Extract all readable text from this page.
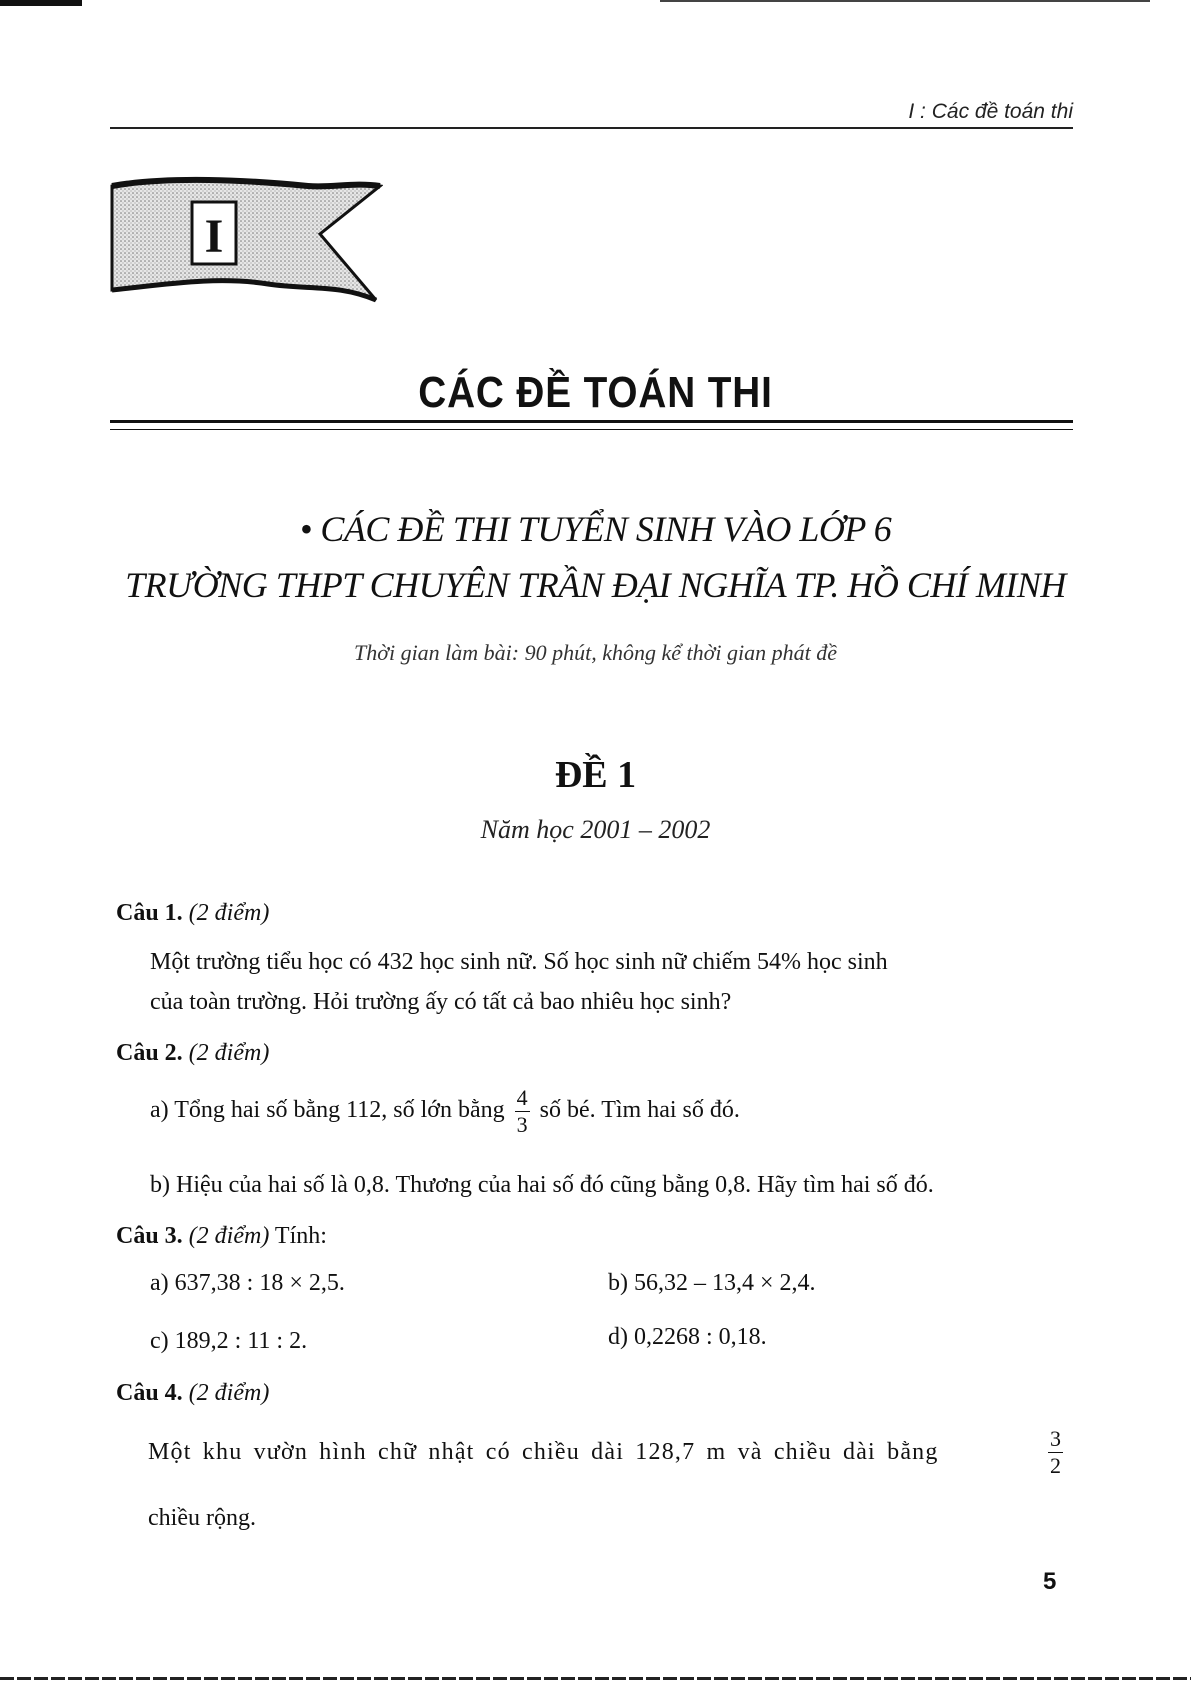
I : Các đề toán thi
I
CÁC ĐỀ TOÁN THI
• CÁC ĐỀ THI TUYỂN SINH VÀO LỚP 6
TRƯỜNG THPT CHUYÊN TRẦN ĐẠI NGHĨA TP. HỒ CHÍ MINH
Thời gian làm bài: 90 phút, không kể thời gian phát đề
ĐỀ 1
Năm học 2001 – 2002
Câu 1. (2 điểm)
Một trường tiểu học có 432 học sinh nữ. Số học sinh nữ chiếm 54% học sinh
của toàn trường. Hỏi trường ấy có tất cả bao nhiêu học sinh?
Câu 2. (2 điểm)
a) Tổng hai số bằng 112, số lớn bằng $\frac{4}{3}$ số bé. Tìm hai số đó.
b) Hiệu của hai số là 0,8. Thương của hai số đó cũng bằng 0,8. Hãy tìm hai số đó.
Câu 3. (2 điểm) Tính:
a) 637,38 : 18 × 2,5.	b) 56,32 – 13,4 × 2,4.
c) 189,2 : 11 : 2.	d) 0,2268 : 0,18.
Câu 4. (2 điểm)
Một khu vườn hình chữ nhật có chiều dài 128,7 m và chiều dài bằng	$\frac{3}{2}$
chiều rộng.
5
